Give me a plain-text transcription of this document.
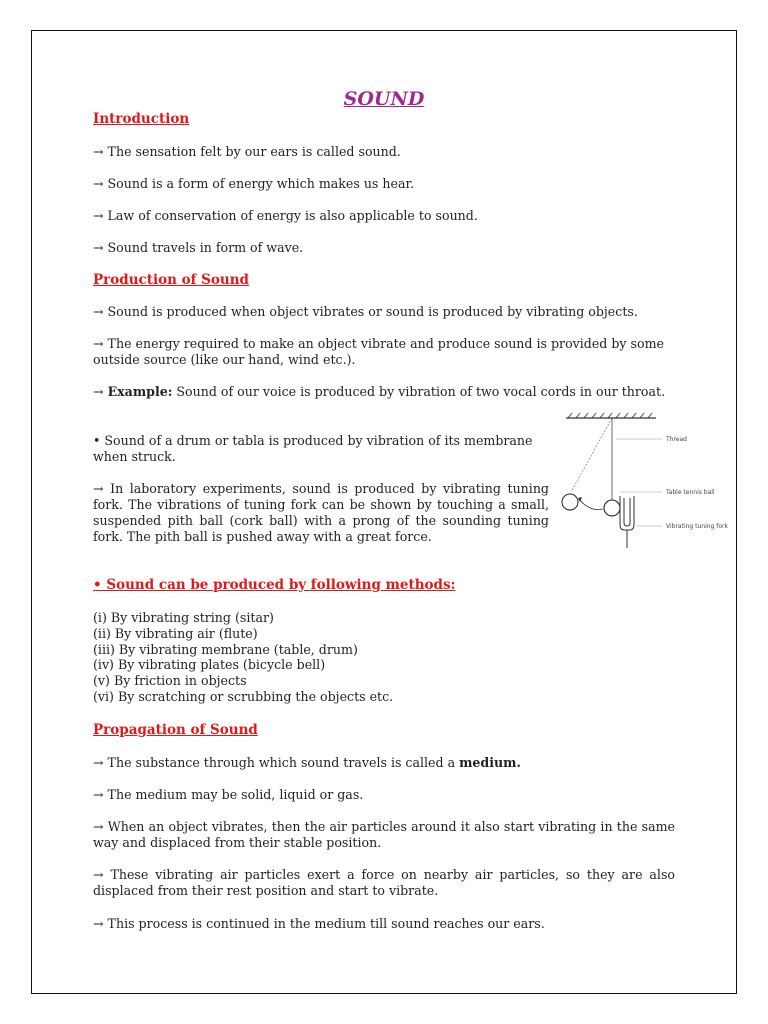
SOUND
Introduction

→ The sensation felt by our ears is called sound.

→ Sound is a form of energy which makes us hear.

→ Law of conservation of energy is also applicable to sound.

→ Sound travels in form of wave.

Production of Sound

→ Sound is produced when object vibrates or sound is produced by vibrating objects.

→ The energy required to make an object vibrate and produce sound is provided by some outside source (like our hand, wind etc.).

→ Example: Sound of our voice is produced by vibration of two vocal cords in our throat.

• Sound of a drum or tabla is produced by vibration of its membrane when struck.

→ In laboratory experiments, sound is produced by vibrating tuning fork. The vibrations of tuning fork can be shown by touching a small, suspended pith ball (cork ball) with a prong of the sounding tuning fork. The pith ball is pushed away with a great force.

Thread
Table tennis ball
Vibrating tuning fork
• Sound can be produced by following methods:
(i) By vibrating string (sitar)
(ii) By vibrating air (flute)
(iii) By vibrating membrane (table, drum)
(iv) By vibrating plates (bicycle bell)
(v) By friction in objects
(vi) By scratching or scrubbing the objects etc.
Propagation of Sound

→ The substance through which sound travels is called a medium.

→ The medium may be solid, liquid or gas.

→ When an object vibrates, then the air particles around it also start vibrating in the same way and displaced from their stable position.

→ These vibrating air particles exert a force on nearby air particles, so they are also displaced from their rest position and start to vibrate.

→ This process is continued in the medium till sound reaches our ears.
